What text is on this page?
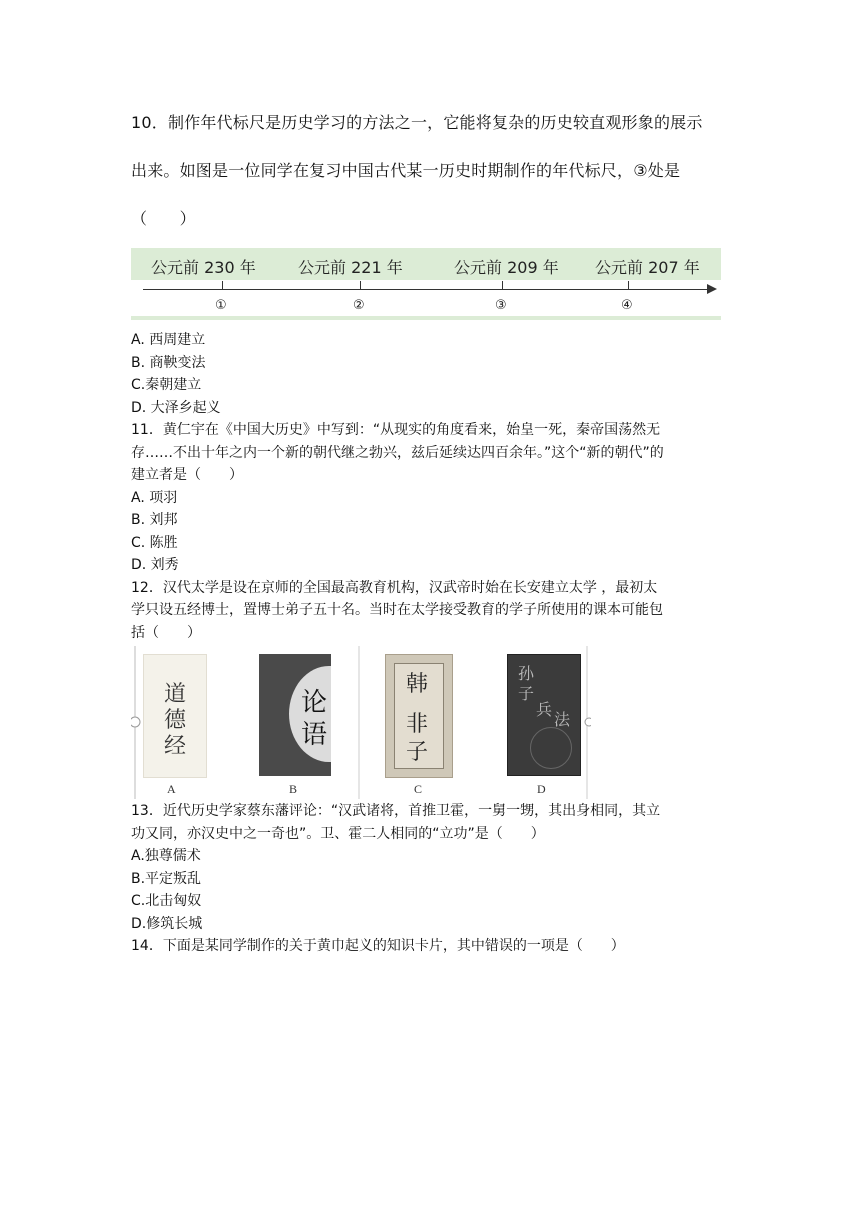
10．制作年代标尺是历史学习的方法之一，它能将复杂的历史较直观形象的展示
出来。如图是一位同学在复习中国古代某一历史时期制作的年代标尺，③处是
（　　）
公元前 230 年	公元前 221 年	公元前 209 年 公元前 207 年
①	②	③	④
A. 西周建立
B. 商鞅变法
C.秦朝建立
D. 大泽乡起义
11．黄仁宇在《中国大历史》中写到：“从现实的角度看来，始皇一死，秦帝国荡然无
存……不出十年之内一个新的朝代继之勃兴，兹后延续达四百余年。”这个“新的朝代”的
建立者是（　　）
A. 项羽
B. 刘邦
C. 陈胜
D. 刘秀
12．汉代太学是设在京师的全国最高教育机构，汉武帝时始在长安建立太学 ，最初太
学只设五经博士，置博士弟子五十名。当时在太学接受教育的学子所使用的课本可能包
括（　　）
道
德
经
A
论
语
B
韩
非
子
C
孙
子
兵
法
D
13．近代历史学家蔡东藩评论：“汉武诸将，首推卫霍，一舅一甥，其出身相同，其立
功又同，亦汉史中之一奇也”。卫、霍二人相同的“立功”是（　　）
A.独尊儒术
B.平定叛乱
C.北击匈奴
D.修筑长城
14．下面是某同学制作的关于黄巾起义的知识卡片，其中错误的一项是（　　）
